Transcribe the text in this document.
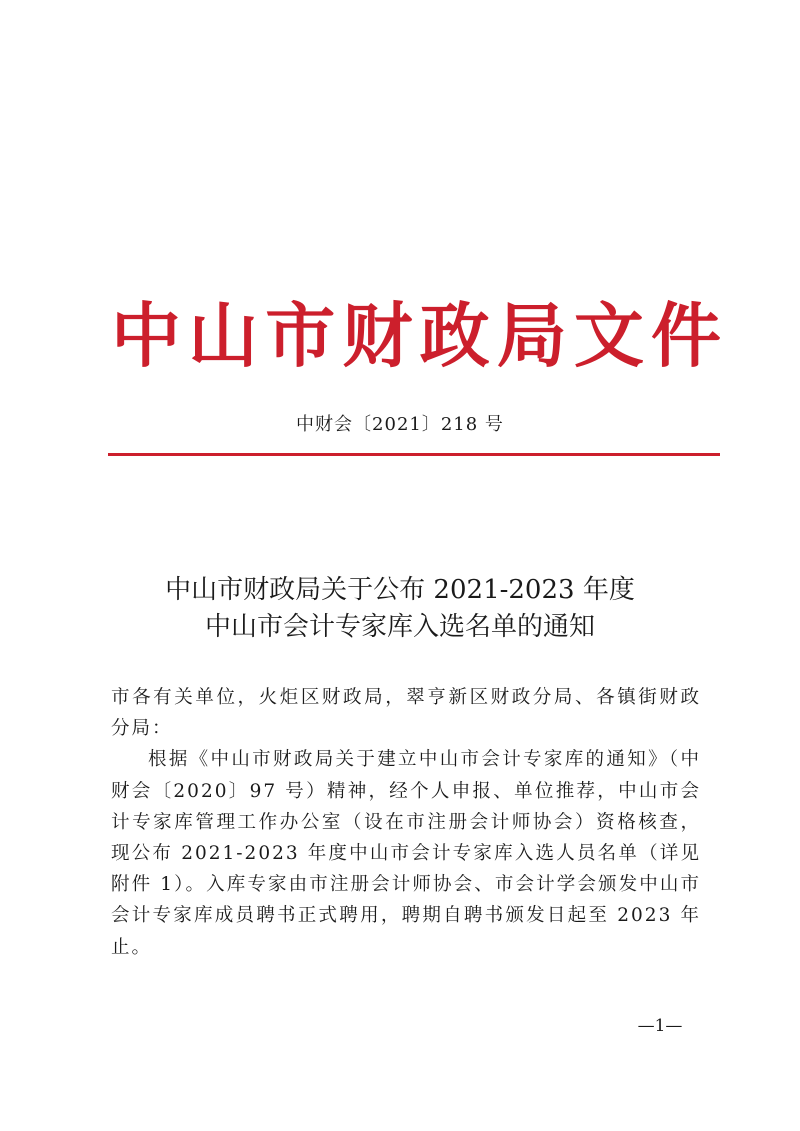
中 山 市 财 政 局 文 件
中财会〔2021〕218 号
中山市财政局关于公布 2021-2023 年度
中山市会计专家库入选名单的通知

市各有关单位，火炬区财政局，翠亨新区财政分局、各镇街财政分局：

根据《中山市财政局关于建立中山市会计专家库的通知》（中财会〔2020〕97 号）精神，经个人申报、单位推荐，中山市会计专家库管理工作办公室（设在市注册会计师协会）资格核查，现公布 2021-2023 年度中山市会计专家库入选人员名单（详见附件 1）。入库专家由市注册会计师协会、市会计学会颁发中山市会计专家库成员聘书正式聘用，聘期自聘书颁发日起至 2023 年止。

—1—
